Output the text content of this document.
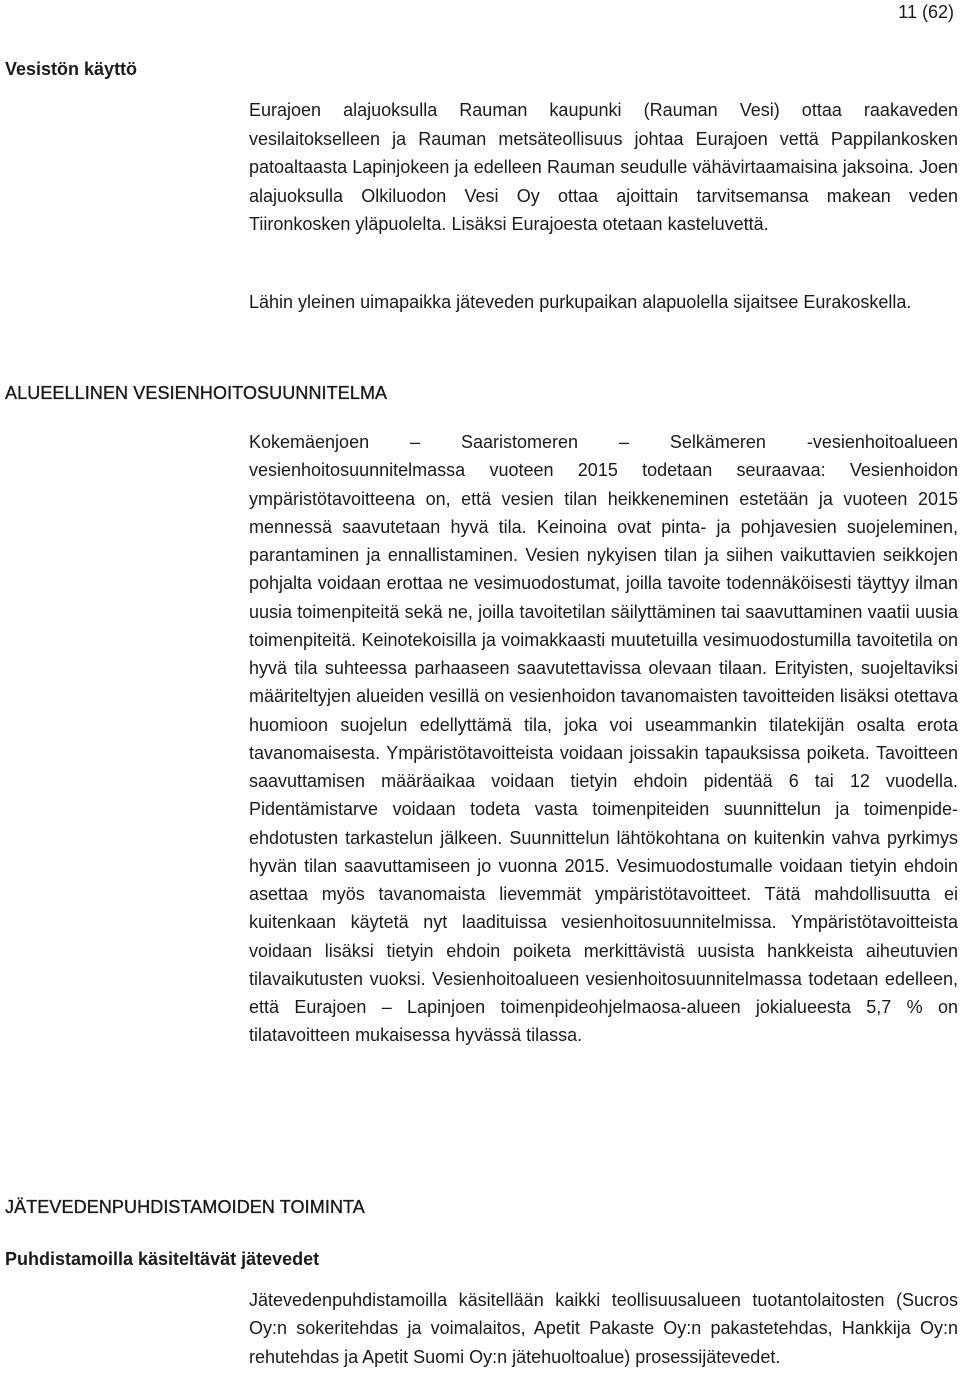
11 (62)
Vesistön käyttö

Eurajoen alajuoksulla Rauman kaupunki (Rauman Vesi) ottaa raakaveden vesilaitokselleen ja Rauman metsäteollisuus johtaa Eurajoen vettä Pappilankosken patoaltaasta Lapinjokeen ja edelleen Rauman seudulle vähävirtaamaisina jaksoina. Joen alajuoksulla Olkiluodon Vesi Oy ottaa ajoittain tarvitsemansa makean veden Tiironkosken yläpuolelta. Lisäksi Eurajoesta otetaan kasteluvettä.

Lähin yleinen uimapaikka jäteveden purkupaikan alapuolella sijaitsee Eurakoskella.

ALUEELLINEN VESIENHOITOSUUNNITELMA

Kokemäenjoen – Saaristomeren – Selkämeren -vesienhoitoalueen vesienhoitosuunnitelmassa vuoteen 2015 todetaan seuraavaa: Vesienhoidon ympäristötavoitteena on, että vesien tilan heikkeneminen estetään ja vuoteen 2015 mennessä saavutetaan hyvä tila. Keinoina ovat pinta- ja pohjavesien suojeleminen, parantaminen ja ennallistaminen. Vesien nykyisen tilan ja siihen vaikuttavien seikkojen pohjalta voidaan erottaa ne vesimuodostumat, joilla tavoite todennäköisesti täyttyy ilman uusia toimenpiteitä sekä ne, joilla tavoitetilan säilyttäminen tai saavuttaminen vaatii uusia toimenpiteitä. Keinotekoisilla ja voimakkaasti muutetuilla vesimuodostumilla tavoitetila on hyvä tila suhteessa parhaaseen saavutettavissa olevaan tilaan. Erityisten, suojeltaviksi määriteltyjen alueiden vesillä on vesienhoidon tavanomaisten tavoitteiden lisäksi otettava huomioon suojelun edellyttämä tila, joka voi useammankin tilatekijän osalta erota tavanomaisesta. Ympäristötavoitteista voidaan joissakin tapauksissa poiketa. Tavoitteen saavuttamisen määräaikaa voidaan tietyin ehdoin pidentää 6 tai 12 vuodella. Pidentämistarve voidaan todeta vasta toimenpiteiden suunnittelun ja toimenpide-ehdotusten tarkastelun jälkeen. Suunnittelun lähtökohtana on kuitenkin vahva pyrkimys hyvän tilan saavuttamiseen jo vuonna 2015. Vesimuodostumalle voidaan tietyin ehdoin asettaa myös tavanomaista lievemmät ympäristötavoitteet. Tätä mahdollisuutta ei kuitenkaan käytetä nyt laadituissa vesienhoitosuunnitelmissa. Ympäristötavoitteista voidaan lisäksi tietyin ehdoin poiketa merkittävistä uusista hankkeista aiheutuvien tilavaikutusten vuoksi. Vesienhoitoalueen vesienhoitosuunnitelmassa todetaan edelleen, että Eurajoen – Lapinjoen toimenpideohjelmaosa-alueen jokialueesta 5,7 % on tilatavoitteen mukaisessa hyvässä tilassa.

JÄTEVEDENPUHDISTAMOIDEN TOIMINTA
Puhdistamoilla käsiteltävät jätevedet

Jätevedenpuhdistamoilla käsitellään kaikki teollisuusalueen tuotantolaitosten (Sucros Oy:n sokeritehdas ja voimalaitos, Apetit Pakaste Oy:n pakastetehdas, Hankkija Oy:n rehutehdas ja Apetit Suomi Oy:n jätehuoltoalue) prosessijätevedet.
